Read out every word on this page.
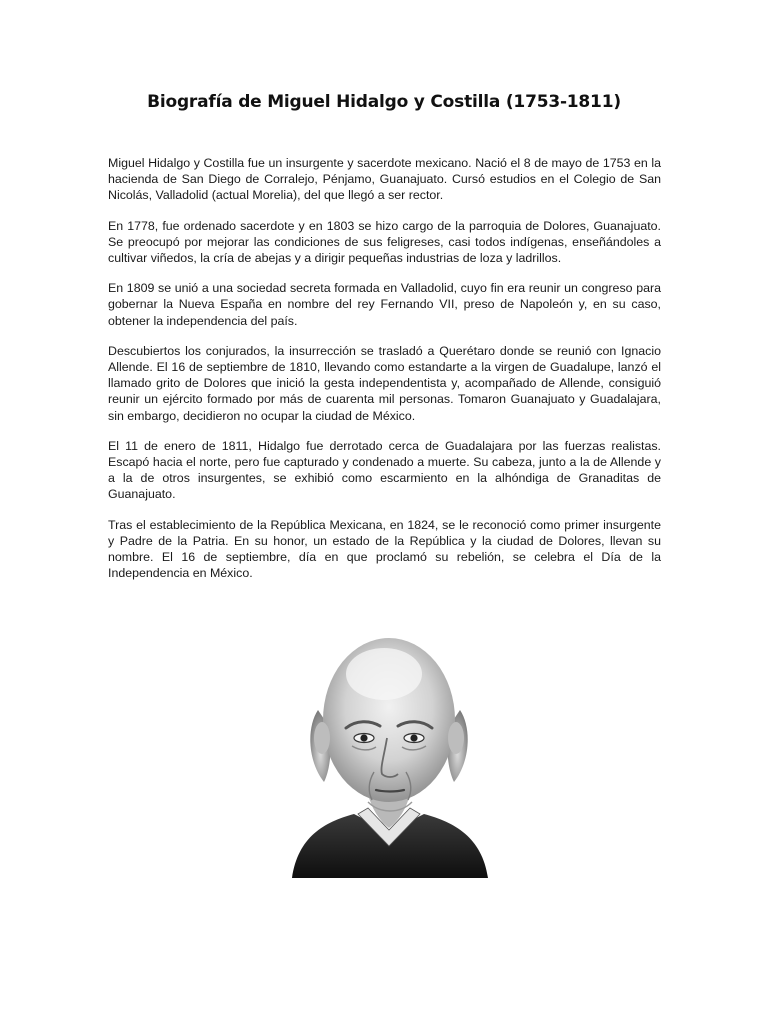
Biografía de Miguel Hidalgo y Costilla (1753-1811)

Miguel Hidalgo y Costilla fue un insurgente y sacerdote mexicano. Nació el 8 de mayo de 1753 en la hacienda de San Diego de Corralejo, Pénjamo, Guanajuato. Cursó estudios en el Colegio de San Nicolás, Valladolid (actual Morelia), del que llegó a ser rector.

En 1778, fue ordenado sacerdote y en 1803 se hizo cargo de la parroquia de Dolores, Guanajuato. Se preocupó por mejorar las condiciones de sus feligreses, casi todos indígenas, enseñándoles a cultivar viñedos, la cría de abejas y a dirigir pequeñas industrias de loza y ladrillos.

En 1809 se unió a una sociedad secreta formada en Valladolid, cuyo fin era reunir un congreso para gobernar la Nueva España en nombre del rey Fernando VII, preso de Napoleón y, en su caso, obtener la independencia del país.

Descubiertos los conjurados, la insurrección se trasladó a Querétaro donde se reunió con Ignacio Allende. El 16 de septiembre de 1810, llevando como estandarte a la virgen de Guadalupe, lanzó el llamado grito de Dolores que inició la gesta independentista y, acompañado de Allende, consiguió reunir un ejército formado por más de cuarenta mil personas. Tomaron Guanajuato y Guadalajara, sin embargo, decidieron no ocupar la ciudad de México.

El 11 de enero de 1811, Hidalgo fue derrotado cerca de Guadalajara por las fuerzas realistas. Escapó hacia el norte, pero fue capturado y condenado a muerte. Su cabeza, junto a la de Allende y a la de otros insurgentes, se exhibió como escarmiento en la alhóndiga de Granaditas de Guanajuato.

Tras el establecimiento de la República Mexicana, en 1824, se le reconoció como primer insurgente y Padre de la Patria. En su honor, un estado de la República y la ciudad de Dolores, llevan su nombre. El 16 de septiembre, día en que proclamó su rebelión, se celebra el Día de la Independencia en México.
